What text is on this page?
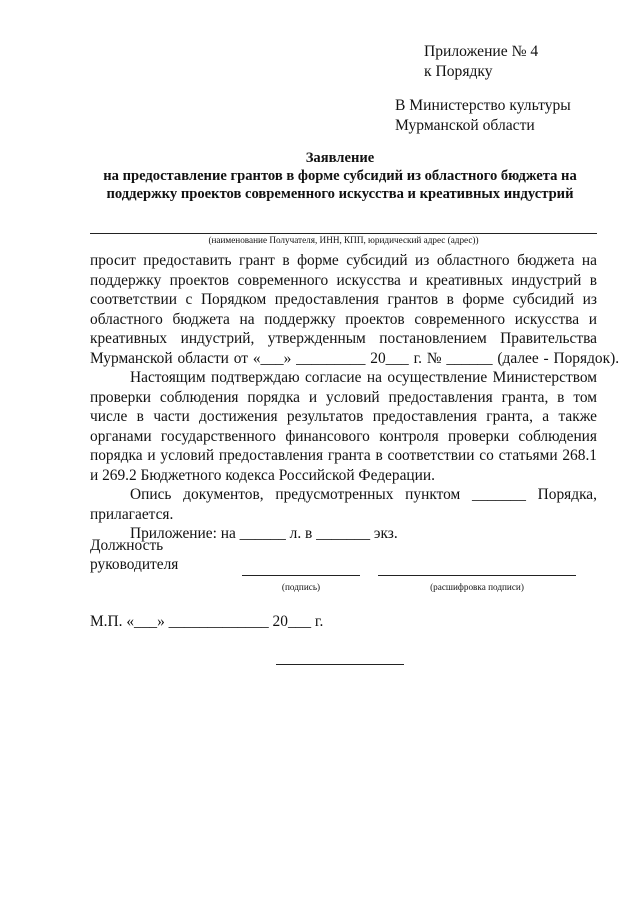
Приложение № 4
к Порядку
В Министерство культуры
Мурманской области
Заявление
на предоставление грантов в форме субсидий из областного бюджета на
поддержку проектов современного искусства и креативных индустрий
(наименование Получателя, ИНН, КПП, юридический адрес (адрес))

просит предоставить грант в форме субсидий из областного бюджета на поддержку проектов современного искусства и креативных индустрий в соответствии с Порядком предоставления грантов в форме субсидий из областного бюджета на поддержку проектов современного искусства и креативных индустрий, утвержденным постановлением Правительства

Мурманской области от «___» _________ 20___ г. № ______ (далее - Порядок).

Настоящим подтверждаю согласие на осуществление Министерством проверки соблюдения порядка и условий предоставления гранта, в том числе в части достижения результатов предоставления гранта, а также органами государственного финансового контроля проверки соблюдения порядка и условий предоставления гранта в соответствии со статьями 268.1 и 269.2 Бюджетного кодекса Российской Федерации.

Опись документов, предусмотренных пунктом _______ Порядка, прилагается.

Приложение: на ______ л. в _______ экз.

Должность
руководителя
(подпись)	(расшифровка подписи)
М.П. «___» _____________ 20___ г.
